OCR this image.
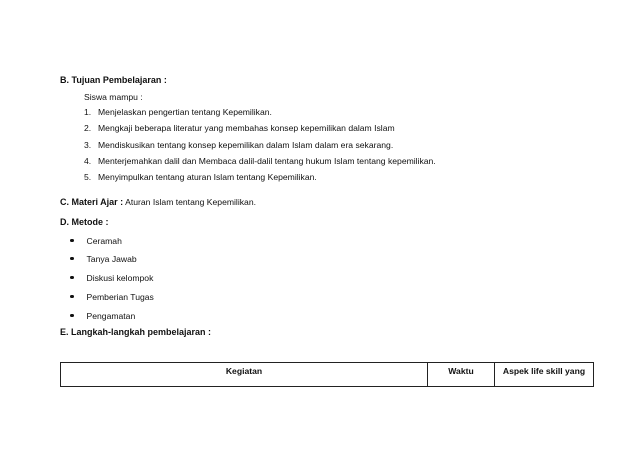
B. Tujuan Pembelajaran :
Siswa mampu :
1. Menjelaskan pengertian tentang Kepemilikan.
2. Mengkaji beberapa literatur yang membahas konsep kepemilikan dalam Islam
3. Mendiskusikan tentang konsep kepemilikan dalam Islam dalam era sekarang.
4. Menterjemahkan dalil dan Membaca dalil-dalil tentang hukum Islam tentang kepemilikan.
5. Menyimpulkan tentang aturan Islam tentang Kepemilikan.
C. Materi Ajar : Aturan Islam tentang Kepemilikan.
D. Metode :
Ceramah
Tanya Jawab
Diskusi kelompok
Pemberian Tugas
Pengamatan
E. Langkah-langkah pembelajaran :
Kegiatan	Waktu	Aspek life skill yang
